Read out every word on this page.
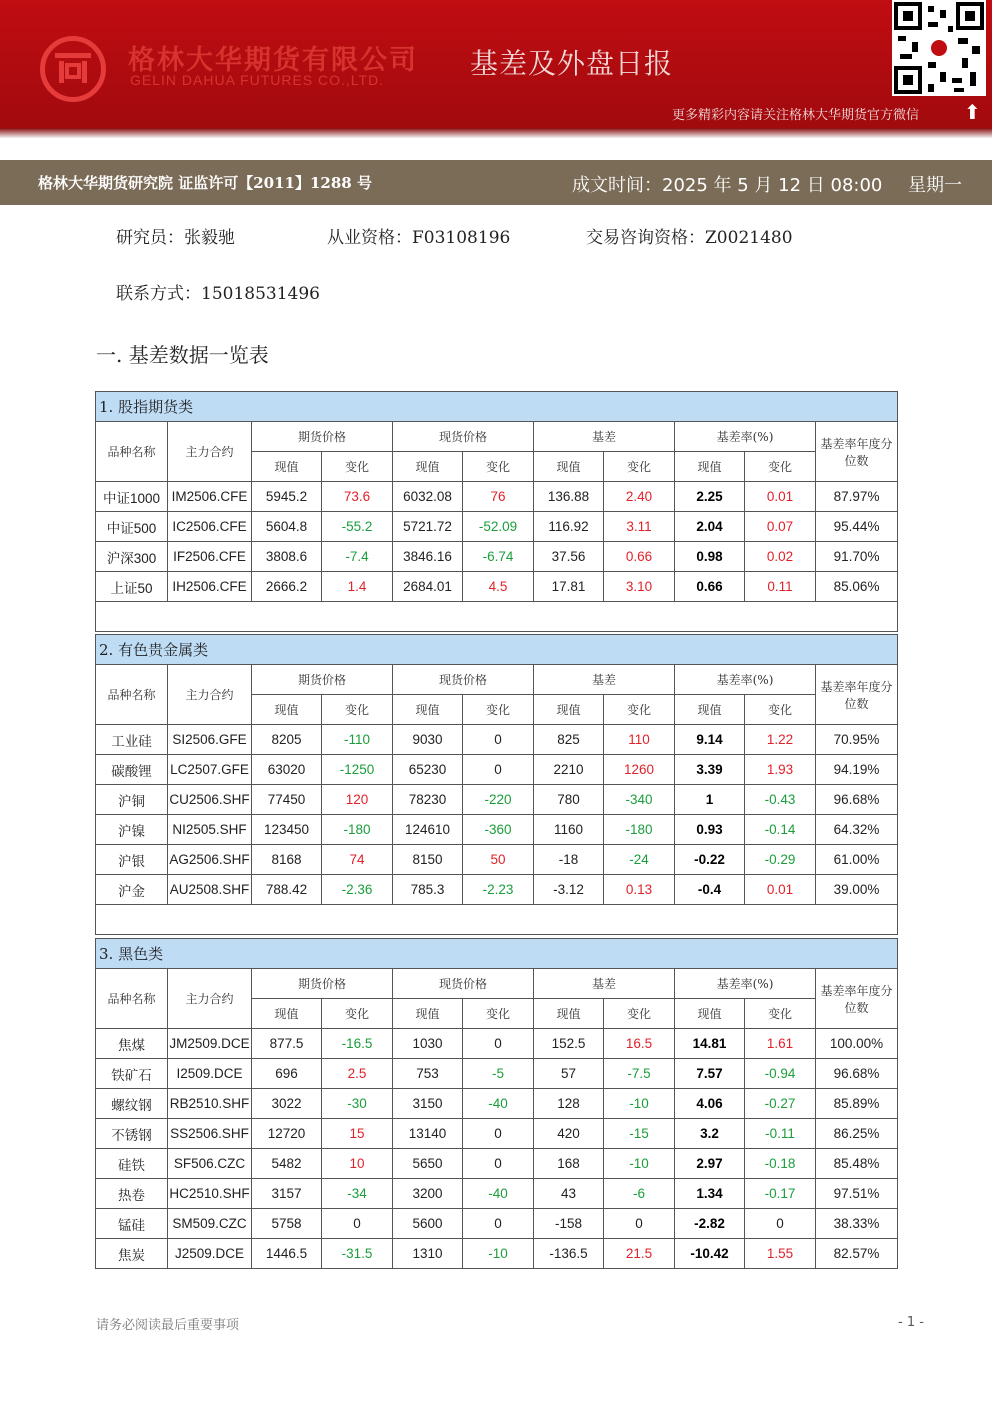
格林大华期货有限公司
GELIN DAHUA FUTURES CO.,LTD.	基差及外盘日报
更多精彩内容请关注格林大华期货官方微信 ⬆
格林大华期货研究院 证监许可【2011】1288 号	成文时间：2025 年 5 月 12 日 08:00 星期一
研究员：张毅驰	从业资格：F03108196	交易咨询资格：Z0021480
联系方式：15018531496
一. 基差数据一览表
1. 股指期货类										
品种名称	主力合约	期货价格		现货价格		基差		基差率(%)		基差率年度分位数
		现值	变化	现值	变化	现值	变化	现值	变化	
中证1000	IM2506.CFE	5945.2	73.6	6032.08	76	136.88	2.40	2.25	0.01	87.97%
中证500	IC2506.CFE	5604.8	-55.2	5721.72	-52.09	116.92	3.11	2.04	0.07	95.44%
沪深300	IF2506.CFE	3808.6	-7.4	3846.16	-6.74	37.56	0.66	0.98	0.02	91.70%
上证50	IH2506.CFE	2666.2	1.4	2684.01	4.5	17.81	3.10	0.66	0.11	85.06%

2. 有色贵金属类										
品种名称	主力合约	期货价格		现货价格		基差		基差率(%)		基差率年度分位数
		现值	变化	现值	变化	现值	变化	现值	变化	
工业硅	SI2506.GFE	8205	-110	9030	0	825	110	9.14	1.22	70.95%
碳酸锂	LC2507.GFE	63020	-1250	65230	0	2210	1260	3.39	1.93	94.19%
沪铜	CU2506.SHF	77450	120	78230	-220	780	-340	1	-0.43	96.68%
沪镍	NI2505.SHF	123450	-180	124610	-360	1160	-180	0.93	-0.14	64.32%
沪银	AG2506.SHF	8168	74	8150	50	-18	-24	-0.22	-0.29	61.00%
沪金	AU2508.SHF	788.42	-2.36	785.3	-2.23	-3.12	0.13	-0.4	0.01	39.00%

3. 黑色类										
品种名称	主力合约	期货价格		现货价格		基差		基差率(%)		基差率年度分位数
		现值	变化	现值	变化	现值	变化	现值	变化	
焦煤	JM2509.DCE	877.5	-16.5	1030	0	152.5	16.5	14.81	1.61	100.00%
铁矿石	I2509.DCE	696	2.5	753	-5	57	-7.5	7.57	-0.94	96.68%
螺纹钢	RB2510.SHF	3022	-30	3150	-40	128	-10	4.06	-0.27	85.89%
不锈钢	SS2506.SHF	12720	15	13140	0	420	-15	3.2	-0.11	86.25%
硅铁	SF506.CZC	5482	10	5650	0	168	-10	2.97	-0.18	85.48%
热卷	HC2510.SHF	3157	-34	3200	-40	43	-6	1.34	-0.17	97.51%
锰硅	SM509.CZC	5758	0	5600	0	-158	0	-2.82	0	38.33%
焦炭	J2509.DCE	1446.5	-31.5	1310	-10	-136.5	21.5	-10.42	1.55	82.57%
请务必阅读最后重要事项	- 1 -
